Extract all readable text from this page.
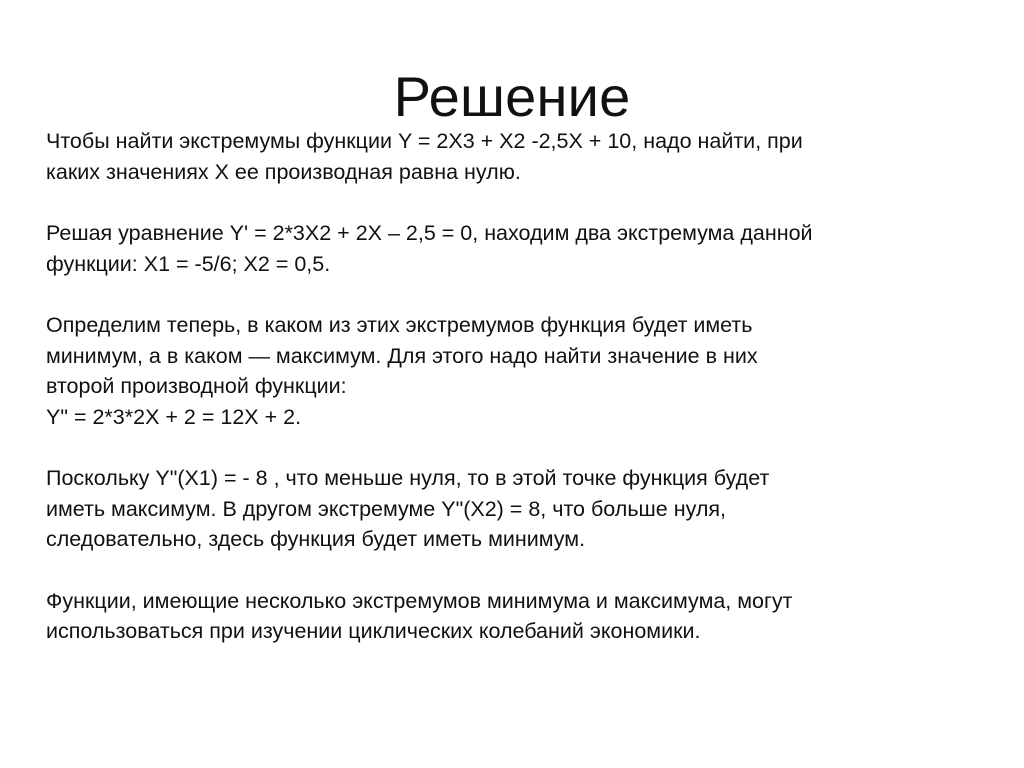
Решение

Чтобы найти экстремумы функции Y = 2X3 + X2 -2,5X + 10, надо найти, при
каких значениях X ее производная равна нулю.

Решая уравнение Y' = 2*3X2 + 2X – 2,5 = 0, находим два экстремума данной
функции: X1 = -5/6; X2 = 0,5.

Определим теперь, в каком из этих экстремумов функция будет иметь
минимум, а в каком — максимум. Для этого надо найти значение в них
второй производной функции:
Y" = 2*3*2X + 2 = 12X + 2.

Поскольку Y"(X1) = - 8 , что меньше нуля, то в этой точке функция будет
иметь максимум. В другом экстремуме Y"(X2) = 8, что больше нуля,
следовательно, здесь функция будет иметь минимум.

Функции, имеющие несколько экстремумов минимума и максимума, могут
использоваться при изучении циклических колебаний экономики.
